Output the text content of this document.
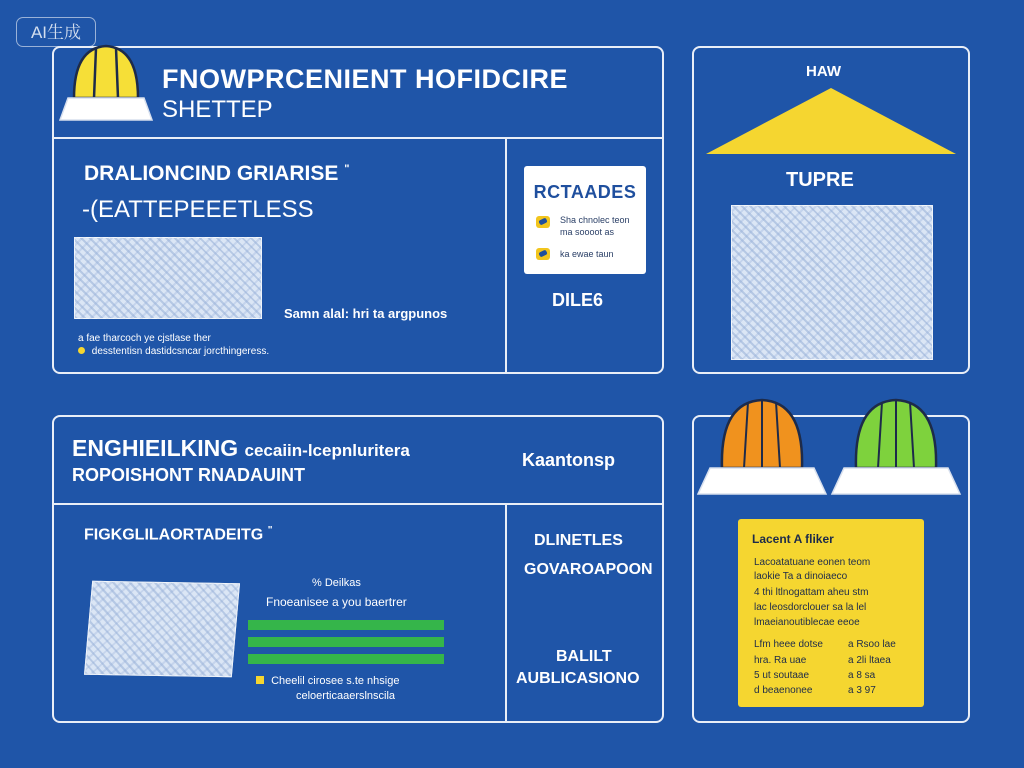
AI生成
FNOWPRCENIENT HOFIDCIRE
SHETTEP
DRALIONCIND GRIARISE "
-(EATTEPEEETLESS
Samn alal: hri ta argpunos
a fae tharcoch ye cjstlase ther
desstentisn dastidcsncar jorcthingeress.
RCTAADES
Sha chnolec teon
ma soooot as
ka ewae taun
DILE6
HAW
TUPRE
ENGHIEILKING cecaiin-lcepnluritera
ROPOISHONT RNADAUINT
Kaantonsp
FIGKGLILAORTADEITG "
% Deilkas
Fnoeanisee a you baertrer
Cheelil cirosee s.te nhsige
celoerticaaerslnscila
DLINETLES
GOVAROAPOON
BALILT
AUBLICASIONO
Lacent A fliker
Lacoatatuane eonen teom
laokie Ta a dinoiaeco
4 thi ltlnogattam aheu stm
lac leosdorclouer sa la lel
lmaeianoutiblecae eeoe
Lfm heee dotse	a Rsoo lae
hra. Ra uae	a 2li ltaea
5 ut soutaae	a 8 sa
d beaenonee	a 3 97
